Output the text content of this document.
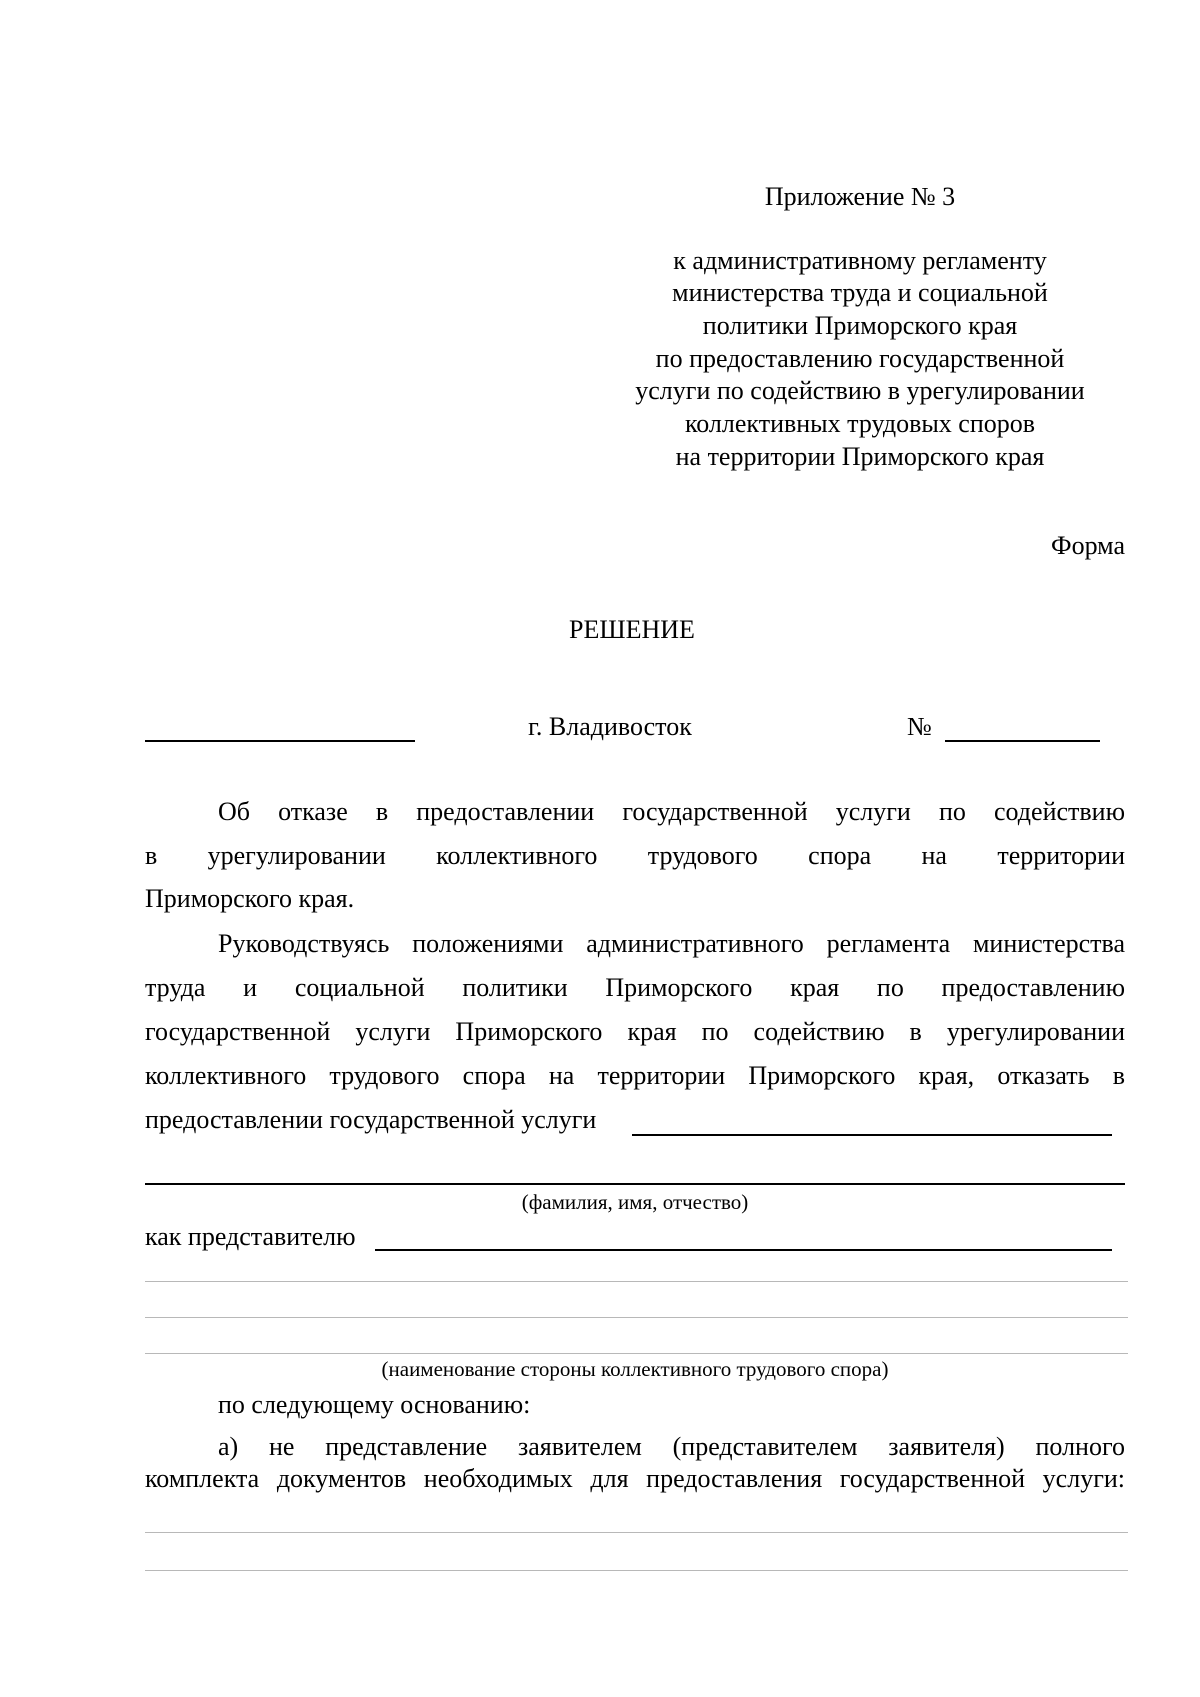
Приложение № 3
к административному регламенту
министерства труда и социальной
политики Приморского края
по предоставлению государственной
услуги по содействию в урегулировании
коллективных трудовых споров
на территории Приморского края
Форма
РЕШЕНИЕ
г. Владивосток	№
Об отказе в предоставлении государственной услуги по содействию
в урегулировании коллективного трудового спора на территории
Приморского края.
Руководствуясь положениями административного регламента министерства
труда и социальной политики Приморского края по предоставлению
государственной услуги Приморского края по содействию в урегулировании
коллективного трудового спора на территории Приморского края, отказать в
предоставлении государственной услуги
(фамилия, имя, отчество)
как представителю
(наименование стороны коллективного трудового спора)
по следующему основанию:
а) не представление заявителем (представителем заявителя) полного
комплекта документов необходимых для предоставления государственной услуги:
